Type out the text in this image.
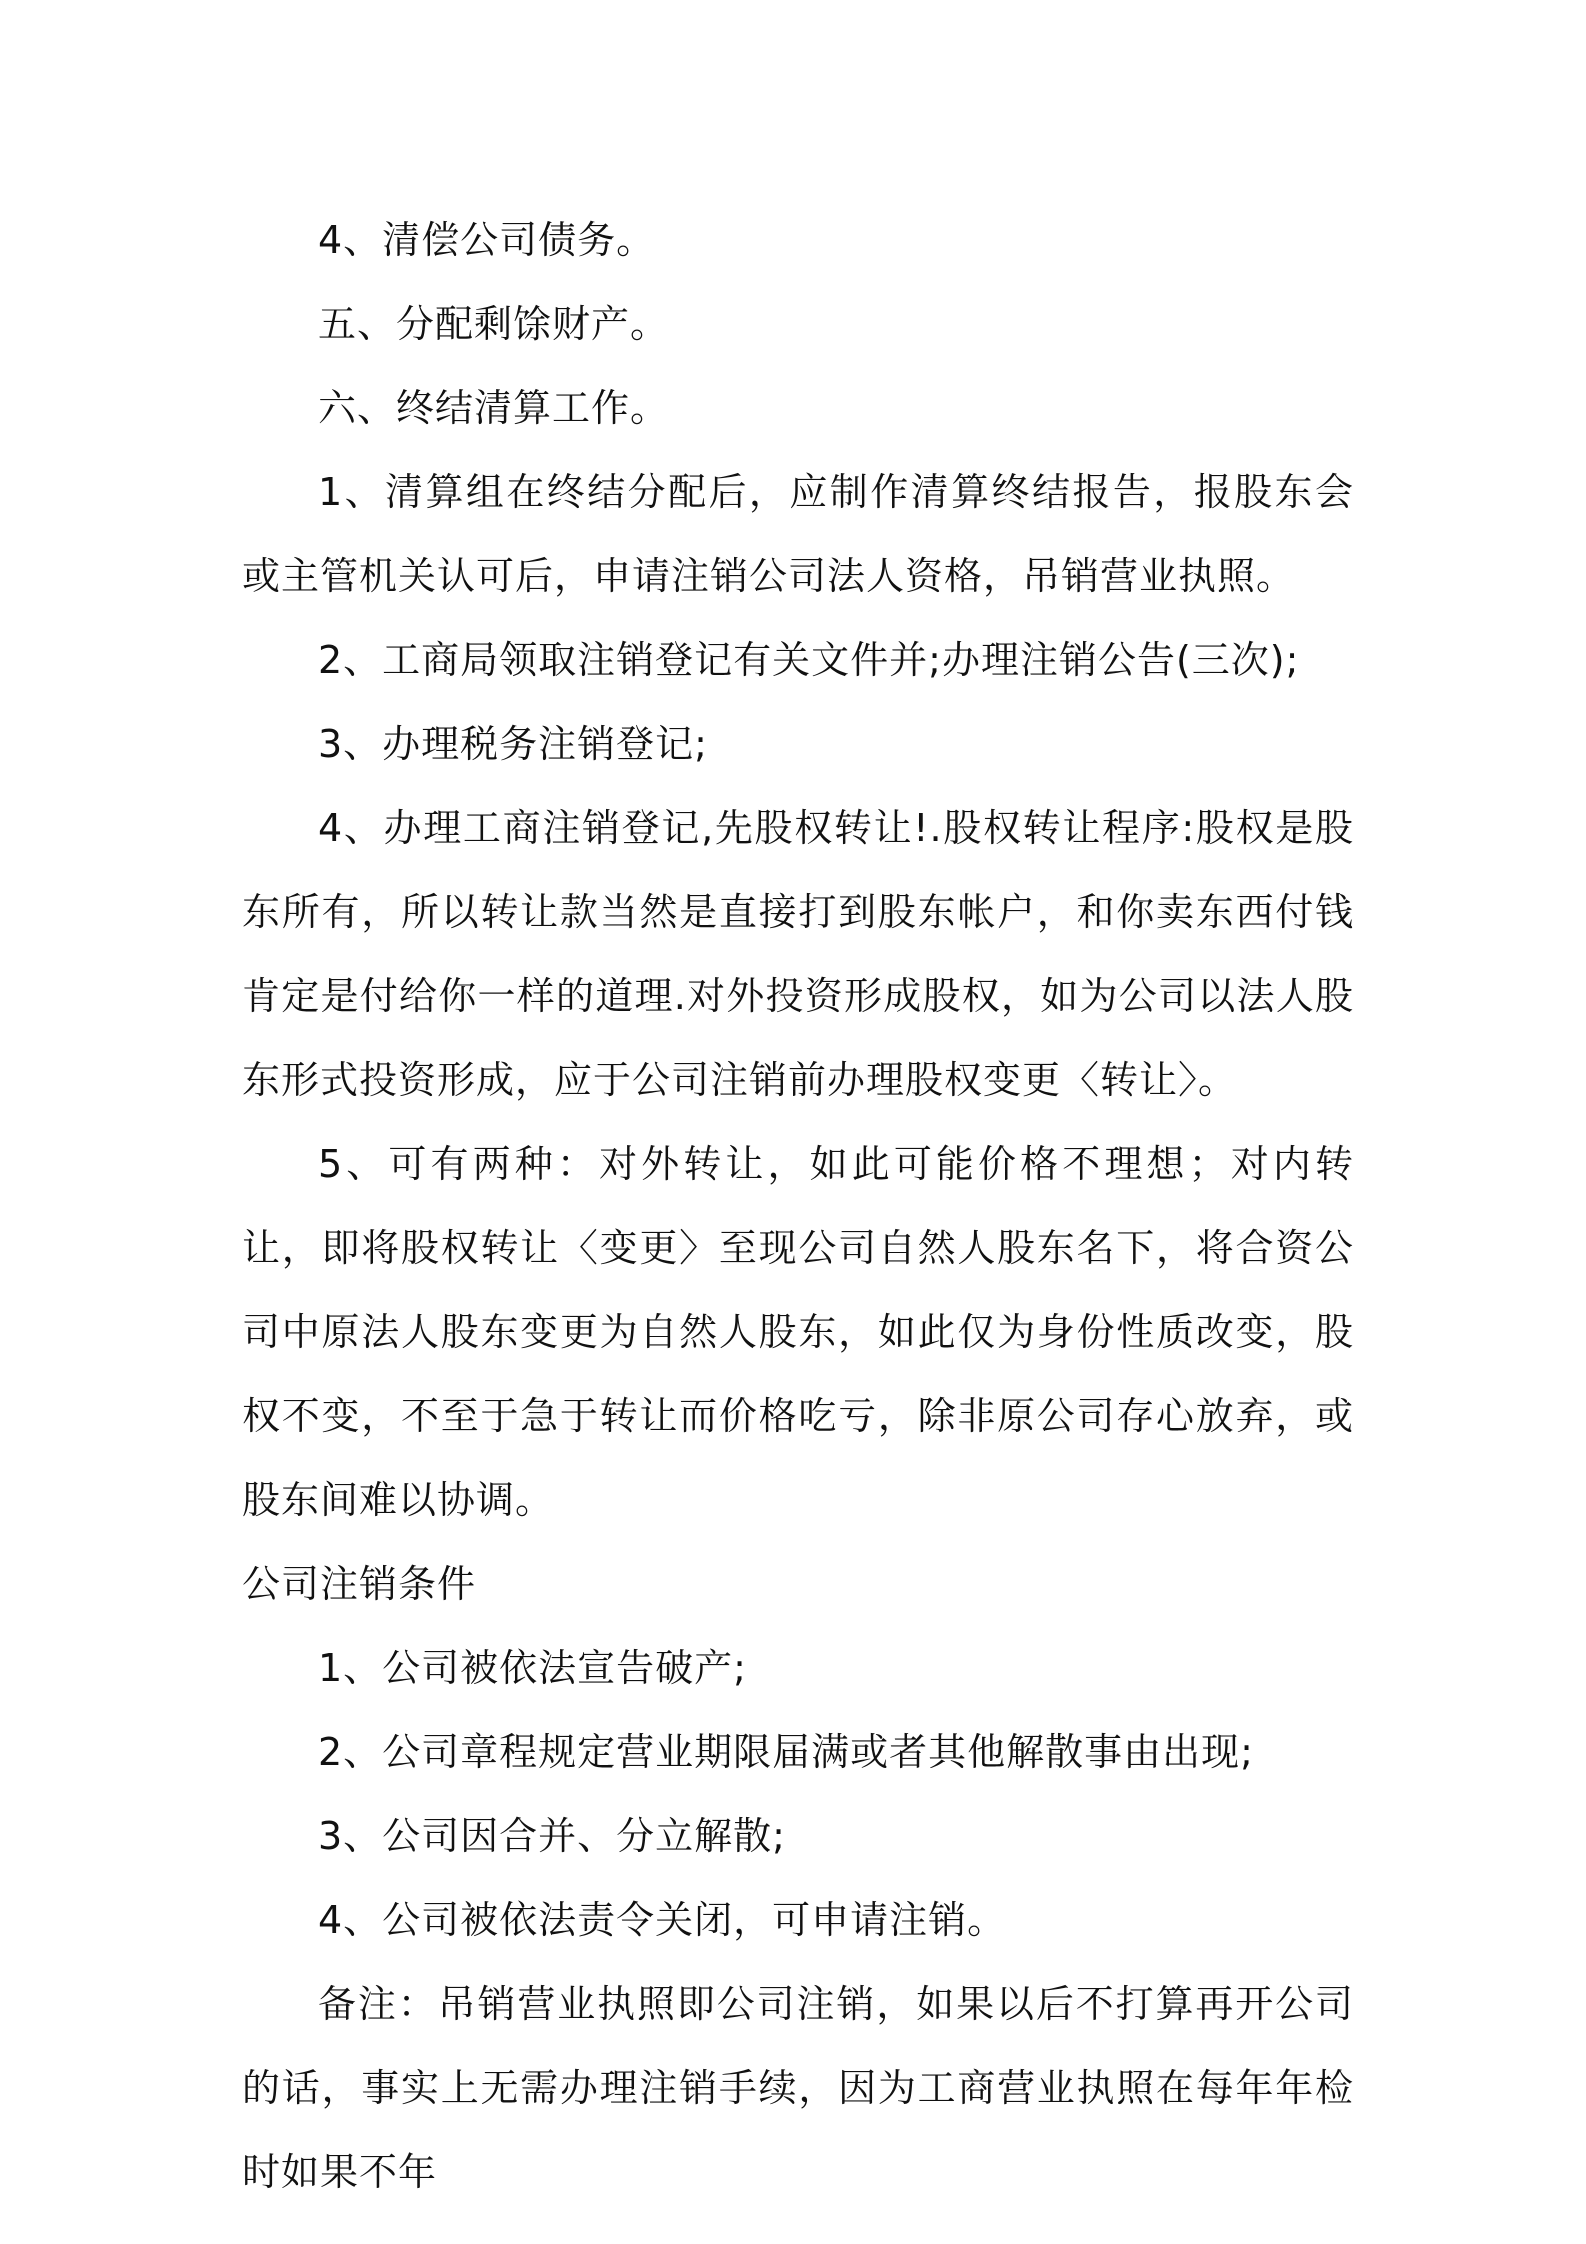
4、清偿公司债务。

五、分配剩馀财产。

六、终结清算工作。

1、清算组在终结分配后，应制作清算终结报告，报股东会或主管机关认可后，申请注销公司法人资格，吊销营业执照。

2、工商局领取注销登记有关文件并;办理注销公告(三次);

3、办理税务注销登记;

4、办理工商注销登记,先股权转让!.股权转让程序:股权是股东所有，所以转让款当然是直接打到股东帐户，和你卖东西付钱肯定是付给你一样的道理.对外投资形成股权，如为公司以法人股东形式投资形成，应于公司注销前办理股权变更〈转让〉。

5、可有两种：对外转让，如此可能价格不理想；对内转让，即将股权转让〈变更〉至现公司自然人股东名下，将合资公司中原法人股东变更为自然人股东，如此仅为身份性质改变，股权不变，不至于急于转让而价格吃亏，除非原公司存心放弃，或股东间难以协调。

公司注销条件

1、公司被依法宣告破产;

2、公司章程规定营业期限届满或者其他解散事由出现;

3、公司因合并、分立解散;

4、公司被依法责令关闭，可申请注销。

备注：吊销营业执照即公司注销，如果以后不打算再开公司的话，事实上无需办理注销手续，因为工商营业执照在每年年检时如果不年
